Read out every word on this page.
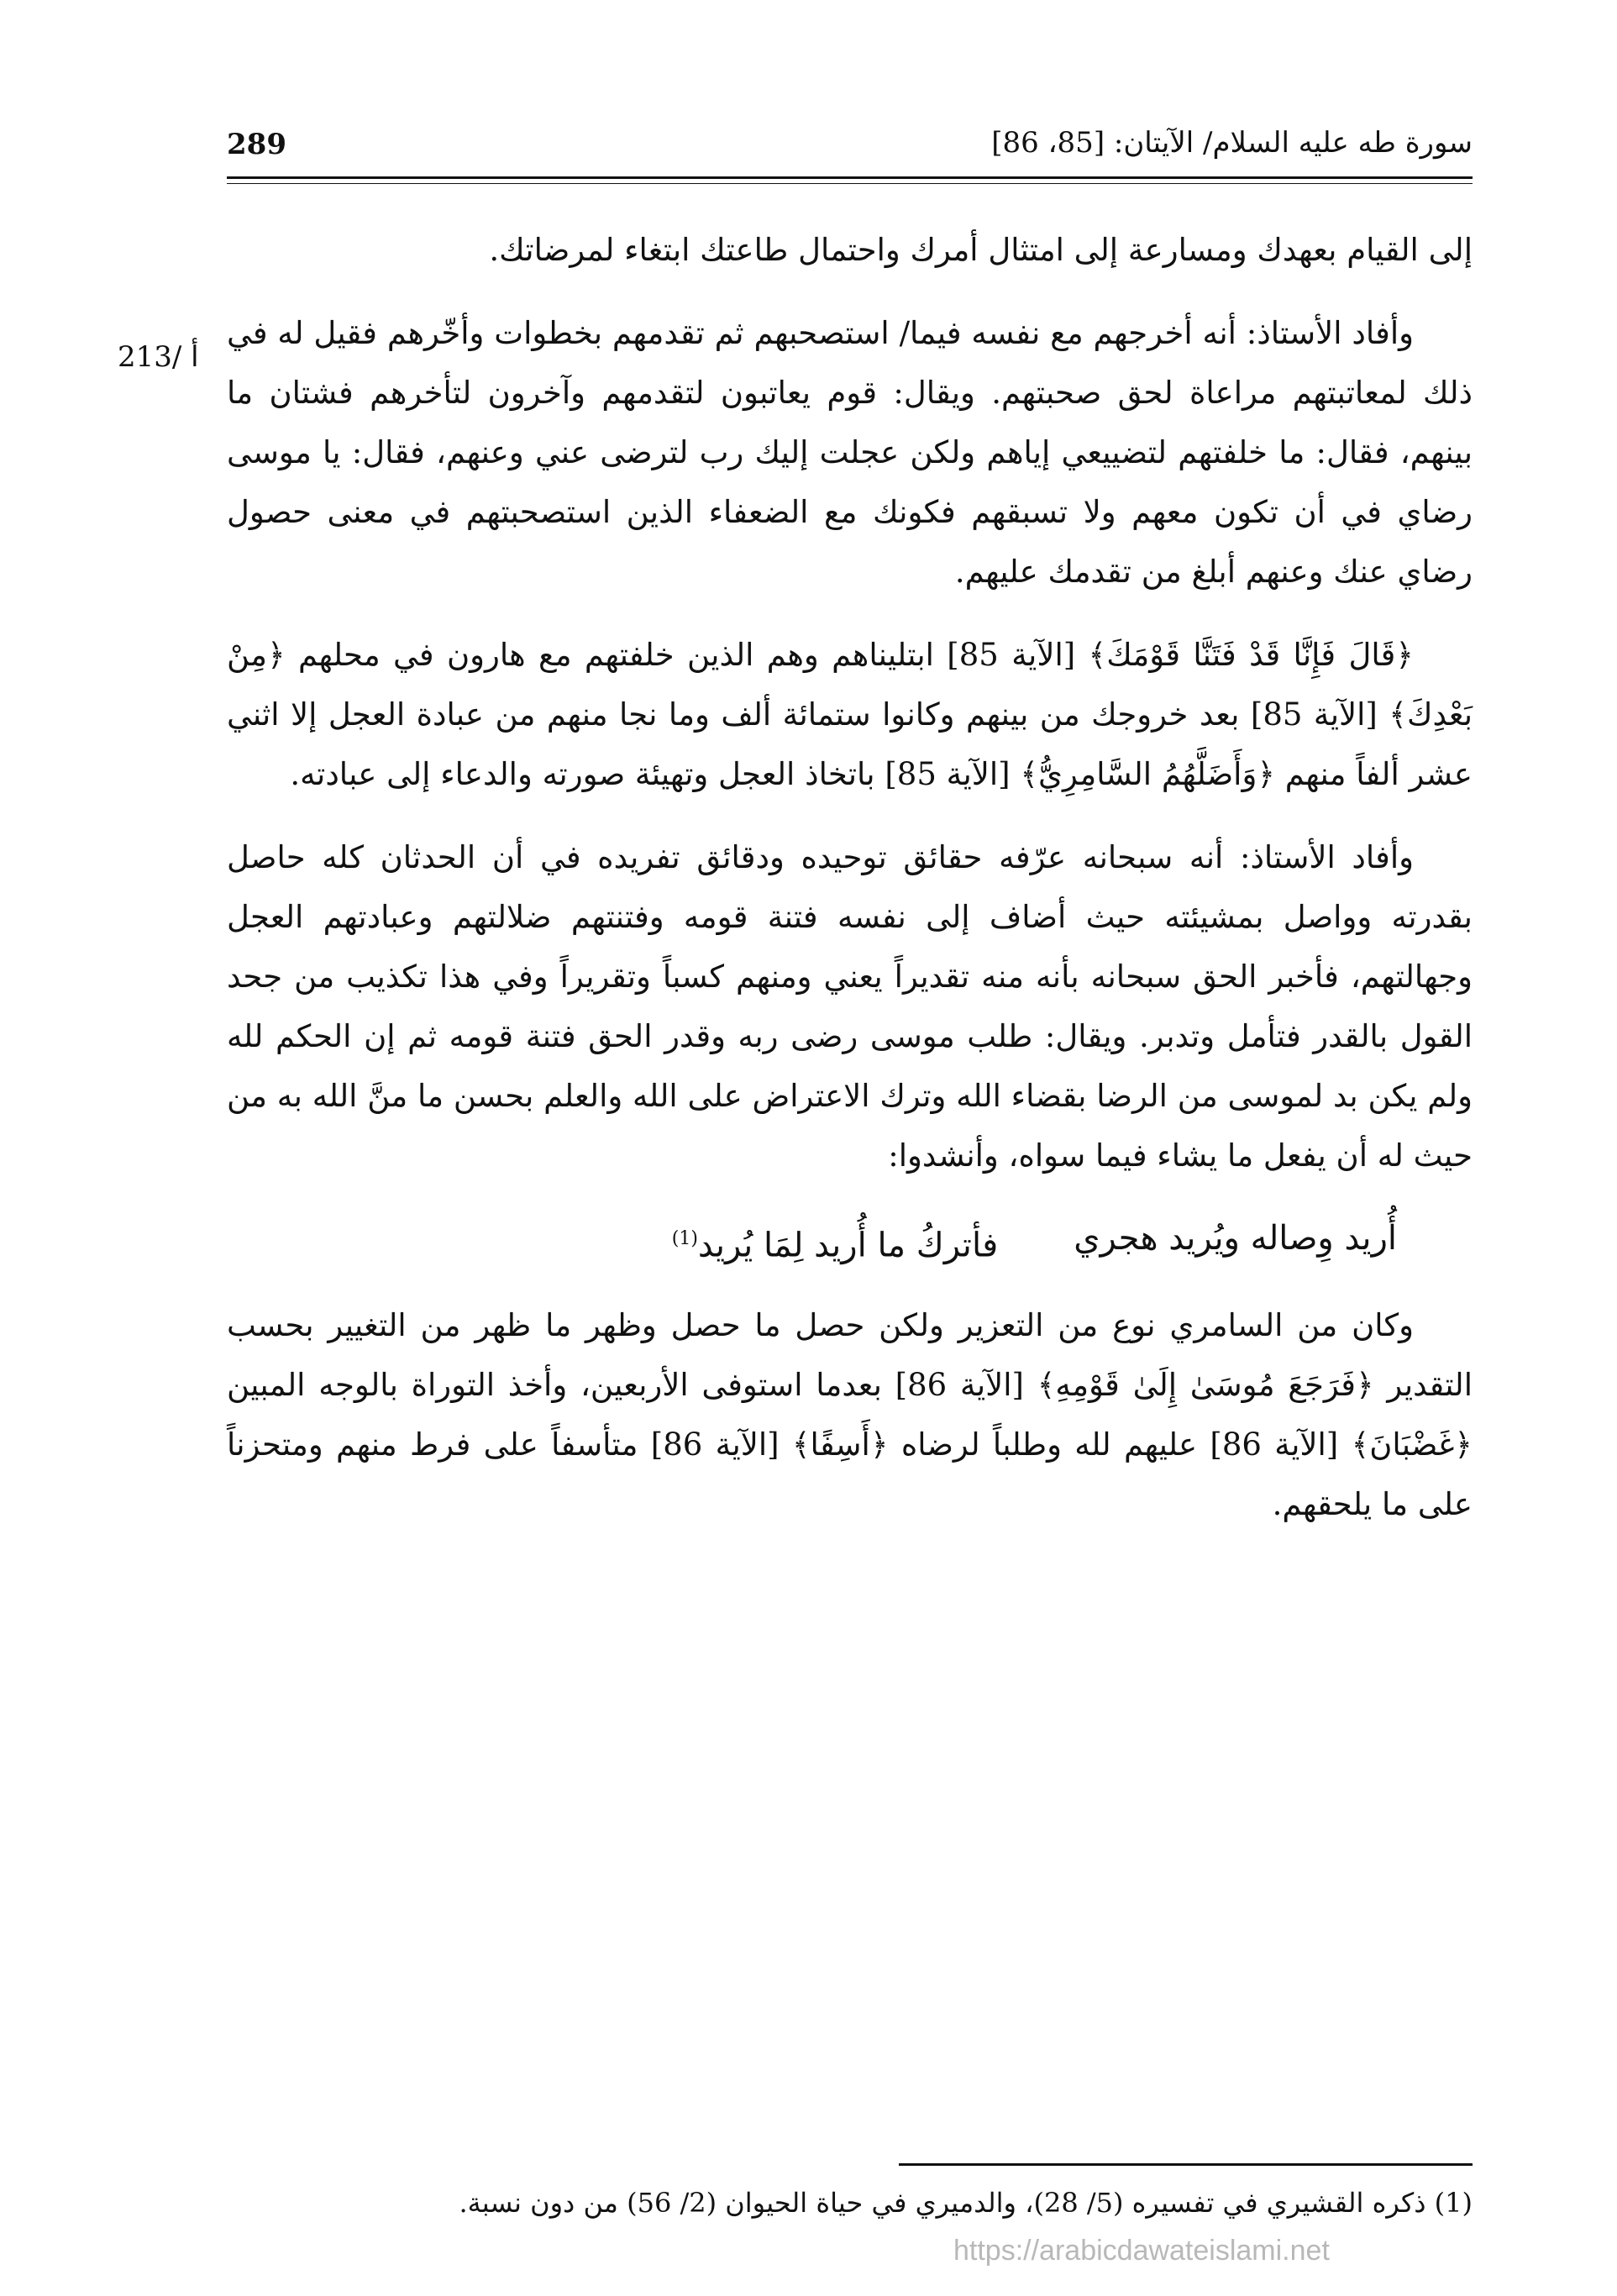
سورة طه عليه السلام/ الآيتان: [85، 86]
289
213/ أ

إلى القيام بعهدك ومسارعة إلى امتثال أمرك واحتمال طاعتك ابتغاء لمرضاتك.

وأفاد الأستاذ: أنه أخرجهم مع نفسه فيما/ استصحبهم ثم تقدمهم بخطوات وأخّرهم فقيل له في ذلك لمعاتبتهم مراعاة لحق صحبتهم. ويقال: قوم يعاتبون لتقدمهم وآخرون لتأخرهم فشتان ما بينهم، فقال: ما خلفتهم لتضييعي إياهم ولكن عجلت إليك رب لترضى عني وعنهم، فقال: يا موسى رضاي في أن تكون معهم ولا تسبقهم فكونك مع الضعفاء الذين استصحبتهم في معنى حصول رضاي عنك وعنهم أبلغ من تقدمك عليهم.

﴿قَالَ فَإِنَّا قَدْ فَتَنَّا قَوْمَكَ﴾ [الآية 85] ابتليناهم وهم الذين خلفتهم مع هارون في محلهم ﴿مِنْ بَعْدِكَ﴾ [الآية 85] بعد خروجك من بينهم وكانوا ستمائة ألف وما نجا منهم من عبادة العجل إلا اثني عشر ألفاً منهم ﴿وَأَضَلَّهُمُ السَّامِرِيُّ﴾ [الآية 85] باتخاذ العجل وتهيئة صورته والدعاء إلى عبادته.

وأفاد الأستاذ: أنه سبحانه عرّفه حقائق توحيده ودقائق تفريده في أن الحدثان كله حاصل بقدرته وواصل بمشيئته حيث أضاف إلى نفسه فتنة قومه وفتنتهم ضلالتهم وعبادتهم العجل وجهالتهم، فأخبر الحق سبحانه بأنه منه تقديراً يعني ومنهم كسباً وتقريراً وفي هذا تكذيب من جحد القول بالقدر فتأمل وتدبر. ويقال: طلب موسى رضى ربه وقدر الحق فتنة قومه ثم إن الحكم لله ولم يكن بد لموسى من الرضا بقضاء الله وترك الاعتراض على الله والعلم بحسن ما منَّ الله به من حيث له أن يفعل ما يشاء فيما سواه، وأنشدوا:

أُريد وِصاله ويُريد هجري
فأتركُ ما أُريد لِمَا يُريد$^{(1)}$

وكان من السامري نوع من التعزير ولكن حصل ما حصل وظهر ما ظهر من التغيير بحسب التقدير ﴿فَرَجَعَ مُوسَىٰ إِلَىٰ قَوْمِهِ﴾ [الآية 86] بعدما استوفى الأربعين، وأخذ التوراة بالوجه المبين ﴿غَضْبَانَ﴾ [الآية 86] عليهم لله وطلباً لرضاه ﴿أَسِفًا﴾ [الآية 86] متأسفاً على فرط منهم ومتحزناً على ما يلحقهم.

(1) ذكره القشيري في تفسيره (5/ 28)، والدميري في حياة الحيوان (2/ 56) من دون نسبة.
https://arabicdawateislami.net
